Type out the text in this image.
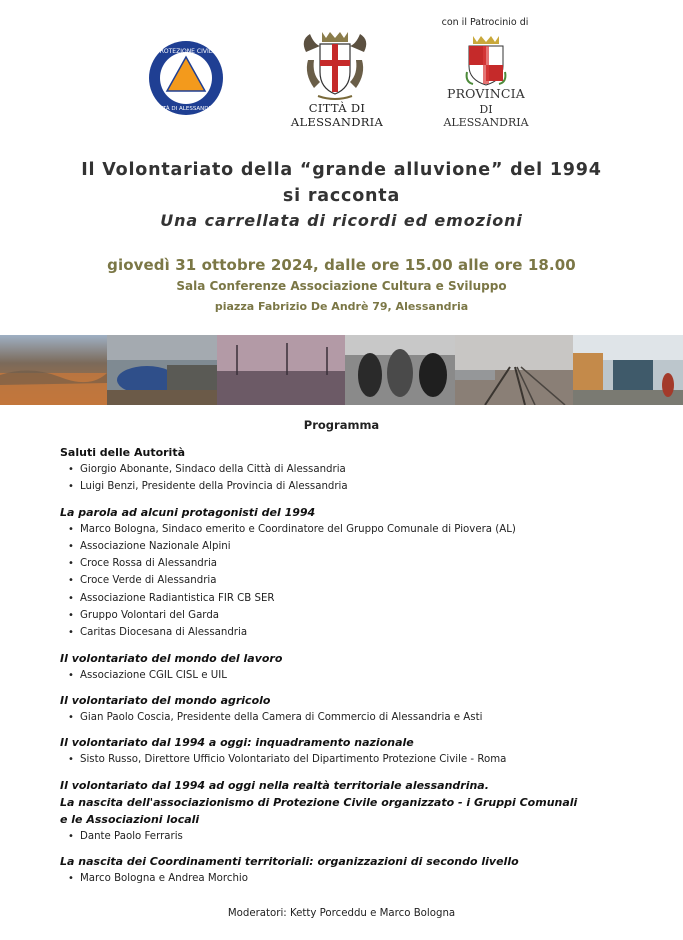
PROTEZIONE CIVILE
CITTÀ DI ALESSANDRIA	CITTÀ DI ALESSANDRIA
con il Patrocinio di
PROVINCIA
DI ALESSANDRIA
Il Volontariato della “grande alluvione” del 1994
si racconta
Una carrellata di ricordi ed emozioni
giovedì 31 ottobre 2024, dalle ore 15.00 alle ore 18.00
Sala Conferenze Associazione Cultura e Sviluppo
piazza Fabrizio De Andrè 79, Alessandria
Programma
Saluti delle Autorità
• Giorgio Abonante, Sindaco della Città di Alessandria
• Luigi Benzi, Presidente della Provincia di Alessandria
La parola ad alcuni protagonisti del 1994
• Marco Bologna, Sindaco emerito e Coordinatore del Gruppo Comunale di Piovera (AL)
• Associazione Nazionale Alpini
• Croce Rossa di Alessandria
• Croce Verde di Alessandria
• Associazione Radiantistica FIR CB SER
• Gruppo Volontari del Garda
• Caritas Diocesana di Alessandria
Il volontariato del mondo del lavoro
• Associazione CGIL CISL e UIL
Il volontariato del mondo agricolo
• Gian Paolo Coscia, Presidente della Camera di Commercio di Alessandria e Asti
Il volontariato dal 1994 a oggi: inquadramento nazionale
• Sisto Russo, Direttore Ufficio Volontariato del Dipartimento Protezione Civile - Roma
Il volontariato dal 1994 ad oggi nella realtà territoriale alessandrina.
La nascita dell'associazionismo di Protezione Civile organizzato - i Gruppi Comunali
e le Associazioni locali
• Dante Paolo Ferraris
La nascita dei Coordinamenti territoriali: organizzazioni di secondo livello
• Marco Bologna e Andrea Morchio
Moderatori: Ketty Porceddu e Marco Bologna
